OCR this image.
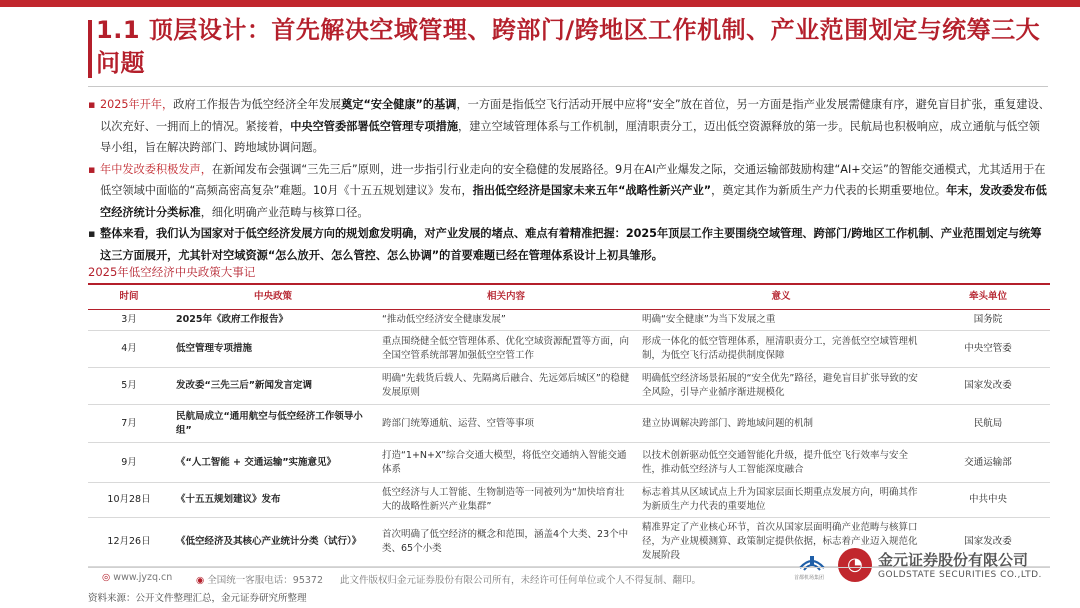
1.1 顶层设计：首先解决空域管理、跨部门/跨地区工作机制、产业范围划定与统筹三大问题
▪ 2025年开年，政府工作报告为低空经济全年发展奠定“安全健康”的基调，一方面是指低空飞行活动开展中应将“安全”放在首位，另一方面是指产业发展需健康有序，避免盲目扩张，重复建设、以次充好、一拥而上的情况。紧接着，中央空管委部署低空管理专项措施，建立空域管理体系与工作机制，厘清职责分工，迈出低空资源释放的第一步。民航局也积极响应，成立通航与低空领导小组，旨在解决跨部门、跨地域协调问题。
▪ 年中发改委积极发声，在新闻发布会强调“三先三后”原则，进一步指引行业走向的安全稳健的发展路径。9月在AI产业爆发之际，交通运输部鼓励构建“AI+交运”的智能交通模式，尤其适用于在低空领域中面临的“高频高密高复杂”难题。10月《十五五规划建议》发布，指出低空经济是国家未来五年“战略性新兴产业”，奠定其作为新质生产力代表的长期重要地位。年末，发改委发布低空经济统计分类标准，细化明确产业范畴与核算口径。
▪ 整体来看，我们认为国家对于低空经济发展方向的规划愈发明确，对产业发展的堵点、难点有着精准把握：2025年顶层工作主要围绕空域管理、跨部门/跨地区工作机制、产业范围划定与统筹这三方面展开，尤其针对空域资源“怎么放开、怎么管控、怎么协调”的首要难题已经在管理体系设计上初具雏形。
2025年低空经济中央政策大事记
时间	中央政策	相关内容	意义	牵头单位
3月	2025年《政府工作报告》	“推动低空经济安全健康发展”	明确“安全健康”为当下发展之重	国务院
4月	低空管理专项措施	重点围绕健全低空管理体系、优化空域资源配置等方面，向全国空管系统部署加强低空空管工作	形成一体化的低空管理体系，厘清职责分工，完善低空空域管理机制，为低空飞行活动提供制度保障	中央空管委
5月	发改委“三先三后”新闻发言定调	明确“先载货后载人、先隔离后融合、先远郊后城区”的稳健发展原则	明确低空经济场景拓展的“安全优先”路径，避免盲目扩张导致的安全风险，引导产业循序渐进规模化	国家发改委
7月	民航局成立“通用航空与低空经济工作领导小组”	跨部门统筹通航、运营、空管等事项	建立协调解决跨部门、跨地域问题的机制	民航局
9月	《“人工智能 + 交通运输”实施意见》	打造“1+N+X”综合交通大模型，将低空交通纳入智能交通体系	以技术创新驱动低空交通智能化升级，提升低空飞行效率与安全性，推动低空经济与人工智能深度融合	交通运输部
10月28日	《十五五规划建议》发布	低空经济与人工智能、生物制造等一同被列为“加快培育壮大的战略性新兴产业集群”	标志着其从区域试点上升为国家层面长期重点发展方向，明确其作为新质生产力代表的重要地位	中共中央
12月26日	《低空经济及其核心产业统计分类（试行）》	首次明确了低空经济的概念和范围，涵盖4个大类、23个中类、65个小类	精准界定了产业核心环节，首次从国家层面明确产业范畴与核算口径，为产业规模测算、政策制定提供依据，标志着产业迈入规范化发展阶段	国家发改委
首都机场集团
◔	金元证券股份有限公司
GOLDSTATE SECURITIES CO.,LTD.
◎ www.jyzq.cn ◉ 全国统一客服电话：95372 此文件版权归金元证券股份有限公司所有，未经许可任何单位或个人不得复制、翻印。
资料来源：公开文件整理汇总，金元证券研究所整理
